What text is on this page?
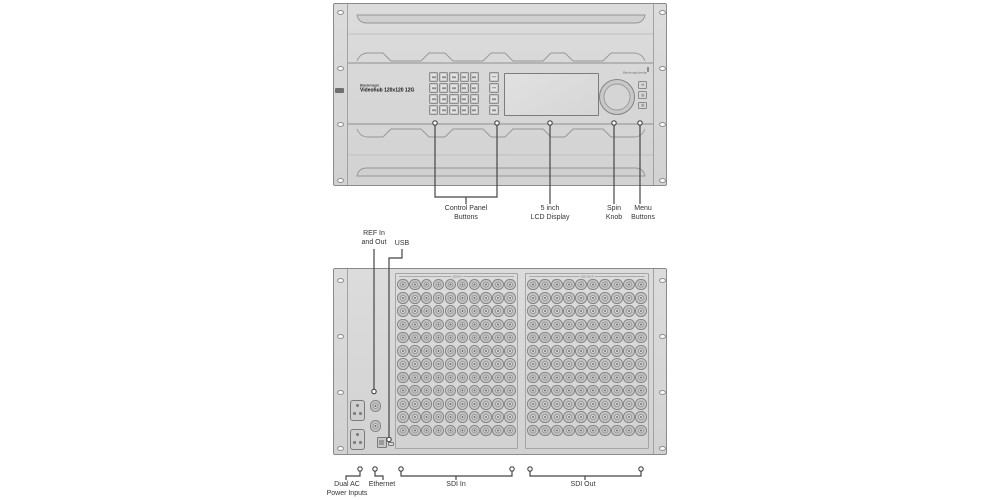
Blackmagic
Videohub 120x120 12G
Blackmagicdesign
SDI IN	SDI OUT
Control Panel
Buttons
5 inch
LCD Display
Spin
Knob
Menu
Buttons
REF In
and Out USB
Dual AC
Power Inputs
Ethernet	SDI In	SDI Out
